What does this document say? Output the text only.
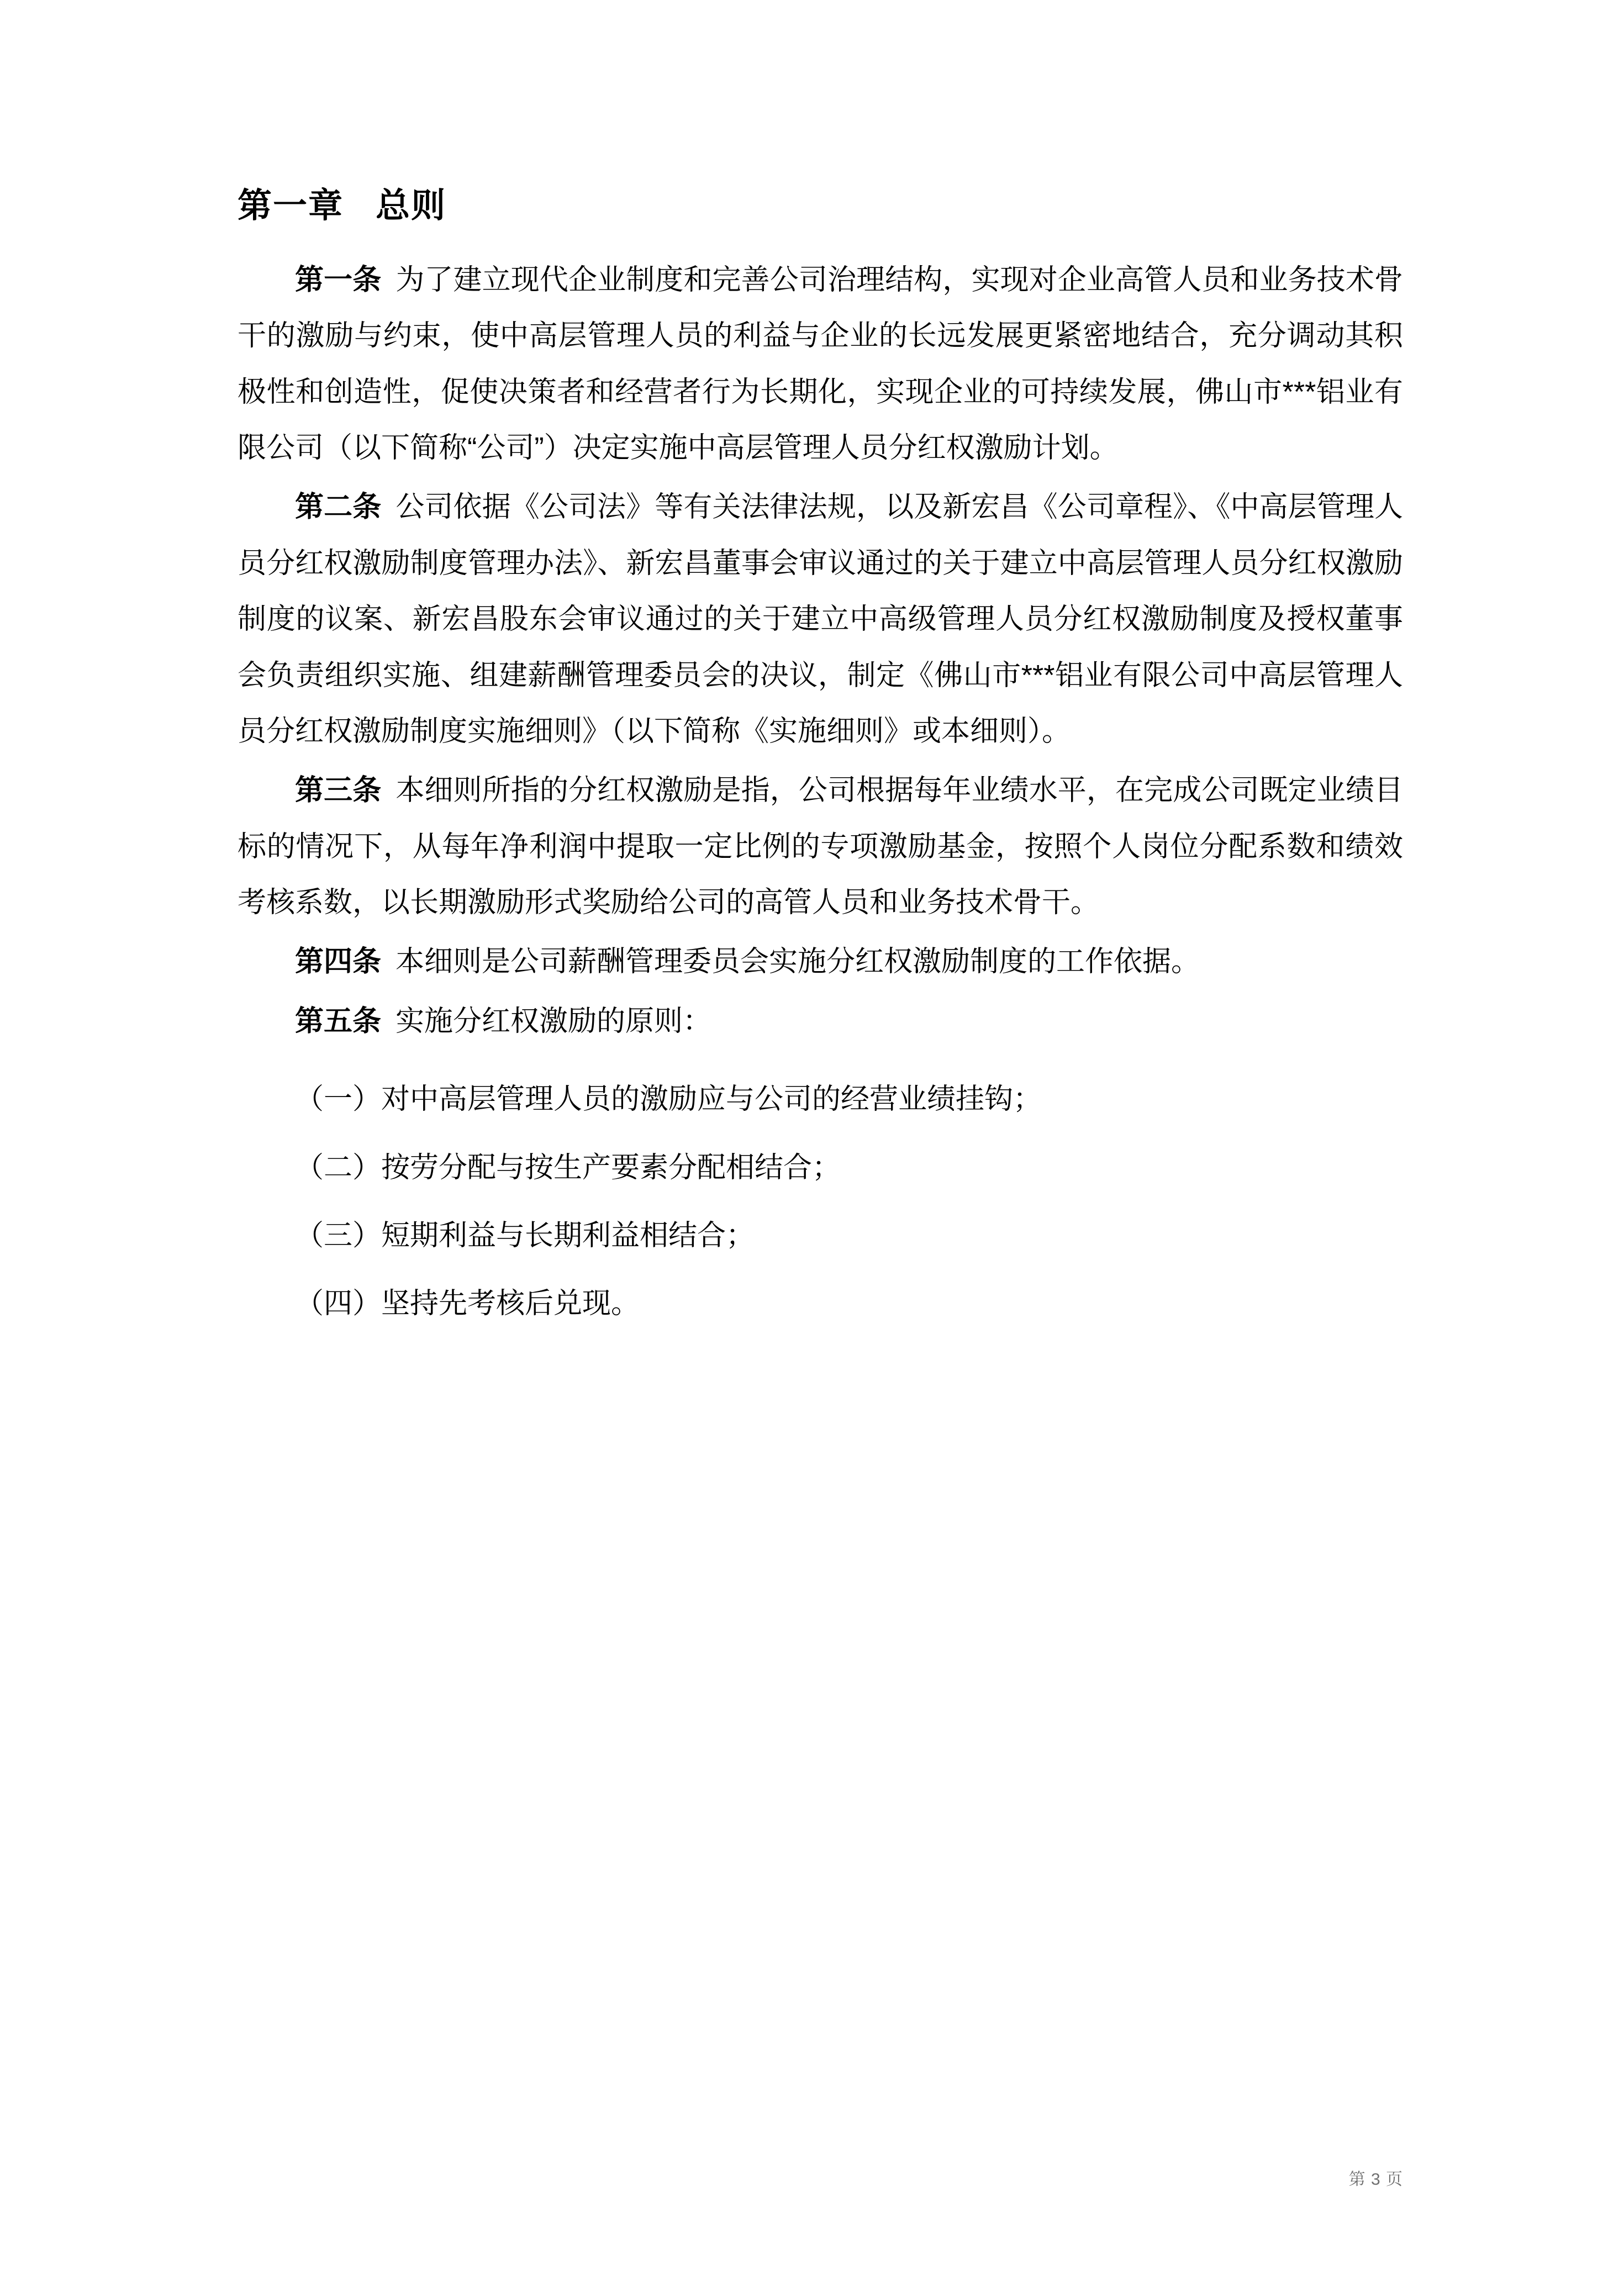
第一章 总则

第一条 为了建立现代企业制度和完善公司治理结构，实现对企业高管人员和业务技术骨干的激励与约束，使中高层管理人员的利益与企业的长远发展更紧密地结合，充分调动其积极性和创造性，促使决策者和经营者行为长期化，实现企业的可持续发展，佛山市***铝业有限公司（以下简称“公司”）决定实施中高层管理人员分红权激励计划。

第二条 公司依据《公司法》等有关法律法规，以及新宏昌《公司章程》、《中高层管理人员分红权激励制度管理办法》、新宏昌董事会审议通过的关于建立中高层管理人员分红权激励制度的议案、新宏昌股东会审议通过的关于建立中高级管理人员分红权激励制度及授权董事会负责组织实施、组建薪酬管理委员会的决议，制定《佛山市***铝业有限公司中高层管理人员分红权激励制度实施细则》（以下简称《实施细则》或本细则）。

第三条 本细则所指的分红权激励是指，公司根据每年业绩水平，在完成公司既定业绩目标的情况下，从每年净利润中提取一定比例的专项激励基金，按照个人岗位分配系数和绩效考核系数，以长期激励形式奖励给公司的高管人员和业务技术骨干。

第四条 本细则是公司薪酬管理委员会实施分红权激励制度的工作依据。

第五条 实施分红权激励的原则：

（一）对中高层管理人员的激励应与公司的经营业绩挂钩；

（二）按劳分配与按生产要素分配相结合；

（三）短期利益与长期利益相结合；

（四）坚持先考核后兑现。

第 3 页
